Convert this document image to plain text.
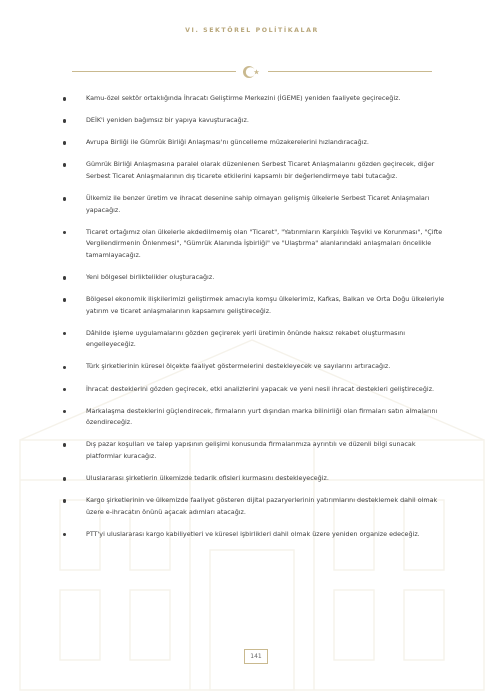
VI. SEKTÖREL POLİTİKALAR
Kamu-özel sektör ortaklığında İhracatı Geliştirme Merkezini (İGEME) yeniden faaliyete geçireceğiz.
DEİK'i yeniden bağımsız bir yapıya kavuşturacağız.
Avrupa Birliği ile Gümrük Birliği Anlaşması'nı güncelleme müzakerelerini hızlandıracağız.
Gümrük Birliği Anlaşmasına paralel olarak düzenlenen Serbest Ticaret Anlaşmalarını gözden geçirecek, diğer Serbest Ticaret Anlaşmalarının dış ticarete etkilerini kapsamlı bir değerlendirmeye tabi tutacağız.
Ülkemiz ile benzer üretim ve ihracat desenine sahip olmayan gelişmiş ülkelerle Serbest Ticaret Anlaşmaları yapacağız.
Ticaret ortağımız olan ülkelerle akdedilmemiş olan "Ticaret", "Yatırımların Karşılıklı Teşviki ve Korunması", "Çifte Vergilendirmenin Önlenmesi", "Gümrük Alanında İşbirliği" ve "Ulaştırma" alanlarındaki anlaşmaları öncelikle tamamlayacağız.
Yeni bölgesel birliktelikler oluşturacağız.
Bölgesel ekonomik ilişkilerimizi geliştirmek amacıyla komşu ülkelerimiz, Kafkas, Balkan ve Orta Doğu ülkeleriyle yatırım ve ticaret anlaşmalarının kapsamını geliştireceğiz.
Dâhilde işleme uygulamalarını gözden geçirerek yerli üretimin önünde haksız rekabet oluşturmasını engelleyeceğiz.
Türk şirketlerinin küresel ölçekte faaliyet göstermelerini destekleyecek ve sayılarını artıracağız.
İhracat desteklerini gözden geçirecek, etki analizlerini yapacak ve yeni nesil ihracat destekleri geliştireceğiz.
Markalaşma desteklerini güçlendirecek, firmaların yurt dışından marka bilinirliği olan firmaları satın almalarını özendireceğiz.
Dış pazar koşulları ve talep yapısının gelişimi konusunda firmalarımıza ayrıntılı ve düzenli bilgi sunacak platformlar kuracağız.
Uluslararası şirketlerin ülkemizde tedarik ofisleri kurmasını destekleyeceğiz.
Kargo şirketlerinin ve ülkemizde faaliyet gösteren dijital pazaryerlerinin yatırımlarını desteklemek dahil olmak üzere e-ihracatın önünü açacak adımları atacağız.
PTT'yi uluslararası kargo kabiliyetleri ve küresel işbirlikleri dahil olmak üzere yeniden organize edeceğiz.
141
